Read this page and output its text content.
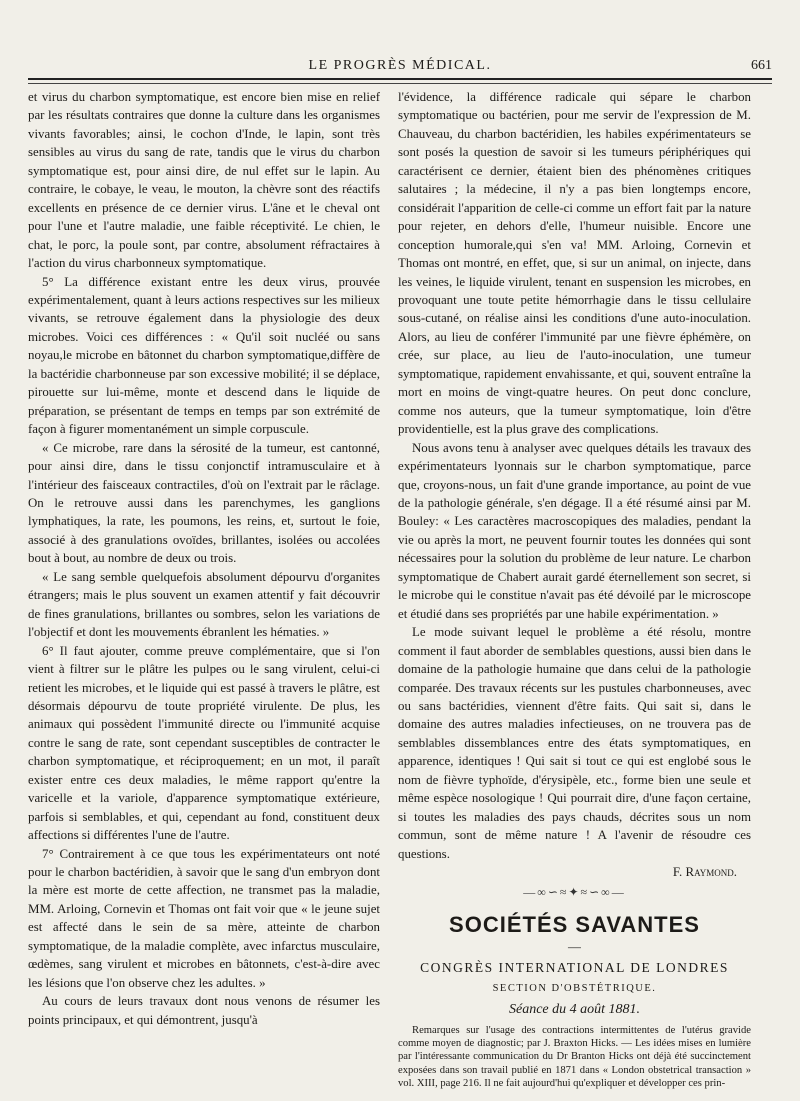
LE PROGRÈS MÉDICAL.	661

et virus du charbon symptomatique, est encore bien mise en relief par les résultats contraires que donne la culture dans les organismes vivants favorables; ainsi, le cochon d'Inde, le lapin, sont très sensibles au virus du sang de rate, tandis que le virus du charbon symptomatique est, pour ainsi dire, de nul effet sur le lapin. Au contraire, le cobaye, le veau, le mouton, la chèvre sont des réactifs excellents en présence de ce dernier virus. L'âne et le cheval ont pour l'une et l'autre maladie, une faible réceptivité. Le chien, le chat, le porc, la poule sont, par contre, absolument réfractaires à l'action du virus charbonneux symptomatique.

5° La différence existant entre les deux virus, prouvée expérimentalement, quant à leurs actions respectives sur les milieux vivants, se retrouve également dans la physiologie des deux microbes. Voici ces différences : « Qu'il soit nucléé ou sans noyau,le microbe en bâtonnet du charbon symptomatique,diffère de la bactéridie charbonneuse par son excessive mobilité; il se déplace, pirouette sur lui-même, monte et descend dans le liquide de préparation, se présentant de temps en temps par son extrémité de façon à figurer momentanément un simple corpuscule.

« Ce microbe, rare dans la sérosité de la tumeur, est cantonné, pour ainsi dire, dans le tissu conjonctif intramusculaire et à l'intérieur des faisceaux contractiles, d'où on l'extrait par le râclage. On le retrouve aussi dans les parenchymes, les ganglions lymphatiques, la rate, les poumons, les reins, et, surtout le foie, associé à des granulations ovoïdes, brillantes, isolées ou accolées bout à bout, au nombre de deux ou trois.

« Le sang semble quelquefois absolument dépourvu d'organites étrangers; mais le plus souvent un examen attentif y fait découvrir de fines granulations, brillantes ou sombres, selon les variations de l'objectif et dont les mouvements ébranlent les hématies. »

6° Il faut ajouter, comme preuve complémentaire, que si l'on vient à filtrer sur le plâtre les pulpes ou le sang virulent, celui-ci retient les microbes, et le liquide qui est passé à travers le plâtre, est désormais dépourvu de toute propriété virulente. De plus, les animaux qui possèdent l'immunité directe ou l'immunité acquise contre le sang de rate, sont cependant susceptibles de contracter le charbon symptomatique, et réciproquement; en un mot, il paraît exister entre ces deux maladies, le même rapport qu'entre la varicelle et la variole, d'apparence symptomatique extérieure, parfois si semblables, et qui, cependant au fond, constituent deux affections si différentes l'une de l'autre.

7° Contrairement à ce que tous les expérimentateurs ont noté pour le charbon bactéridien, à savoir que le sang d'un embryon dont la mère est morte de cette affection, ne transmet pas la maladie, MM. Arloing, Cornevin et Thomas ont fait voir que « le jeune sujet est affecté dans le sein de sa mère, atteinte de charbon symptomatique, de la maladie complète, avec infarctus musculaire, œdèmes, sang virulent et microbes en bâtonnets, c'est-à-dire avec les lésions que l'on observe chez les adultes. »

Au cours de leurs travaux dont nous venons de résumer les points principaux, et qui démontrent, jusqu'à

l'évidence, la différence radicale qui sépare le charbon symptomatique ou bactérien, pour me servir de l'expression de M. Chauveau, du charbon bactéridien, les habiles expérimentateurs se sont posés la question de savoir si les tumeurs périphériques qui caractérisent ce dernier, étaient bien des phénomènes critiques salutaires ; la médecine, il n'y a pas bien longtemps encore, considérait l'apparition de celle-ci comme un effort fait par la nature pour rejeter, en dehors d'elle, l'humeur nuisible. Encore une conception humorale,qui s'en va! MM. Arloing, Cornevin et Thomas ont montré, en effet, que, si sur un animal, on injecte, dans les veines, le liquide virulent, tenant en suspension les microbes, en provoquant une toute petite hémorrhagie dans le tissu cellulaire sous-cutané, on réalise ainsi les conditions d'une auto-inoculation. Alors, au lieu de conférer l'immunité par une fièvre éphémère, on crée, sur place, au lieu de l'auto-inoculation, une tumeur symptomatique, rapidement envahissante, et qui, souvent entraîne la mort en moins de vingt-quatre heures. On peut donc conclure, comme nos auteurs, que la tumeur symptomatique, loin d'être providentielle, est la plus grave des complications.

Nous avons tenu à analyser avec quelques détails les travaux des expérimentateurs lyonnais sur le charbon symptomatique, parce que, croyons-nous, un fait d'une grande importance, au point de vue de la pathologie générale, s'en dégage. Il a été résumé ainsi par M. Bouley: « Les caractères macroscopiques des maladies, pendant la vie ou après la mort, ne peuvent fournir toutes les données qui sont nécessaires pour la solution du problème de leur nature. Le charbon symptomatique de Chabert aurait gardé éternellement son secret, si le microbe qui le constitue n'avait pas été dévoilé par le microscope et étudié dans ses propriétés par une habile expérimentation. »

Le mode suivant lequel le problème a été résolu, montre comment il faut aborder de semblables questions, aussi bien dans le domaine de la pathologie humaine que dans celui de la pathologie comparée. Des travaux récents sur les pustules charbonneuses, avec ou sans bactéridies, viennent d'être faits. Qui sait si, dans le domaine des autres maladies infectieuses, on ne trouvera pas de semblables dissemblances entre des états symptomatiques, en apparence, identiques ! Qui sait si tout ce qui est englobé sous le nom de fièvre typhoïde, d'érysipèle, etc., forme bien une seule et même espèce nosologique ! Qui pourrait dire, d'une façon certaine, si toutes les maladies des pays chauds, décrites sous un nom commun, sont de même nature ! A l'avenir de résoudre ces questions.

F. Raymond.

—∞∽≈✦≈∽∞—
SOCIÉTÉS SAVANTES
—
CONGRÈS INTERNATIONAL DE LONDRES
SECTION D'OBSTÉTRIQUE.
Séance du 4 août 1881.

Remarques sur l'usage des contractions intermittentes de l'utérus gravide comme moyen de diagnostic; par J. Braxton Hicks. — Les idées mises en lumière par l'intéressante communication du Dr Branton Hicks ont déjà été succinctement exposées dans son travail publié en 1871 dans « London obstetrical transaction » vol. XIII, page 216. Il ne fait aujourd'hui qu'expliquer et développer ces prin-
